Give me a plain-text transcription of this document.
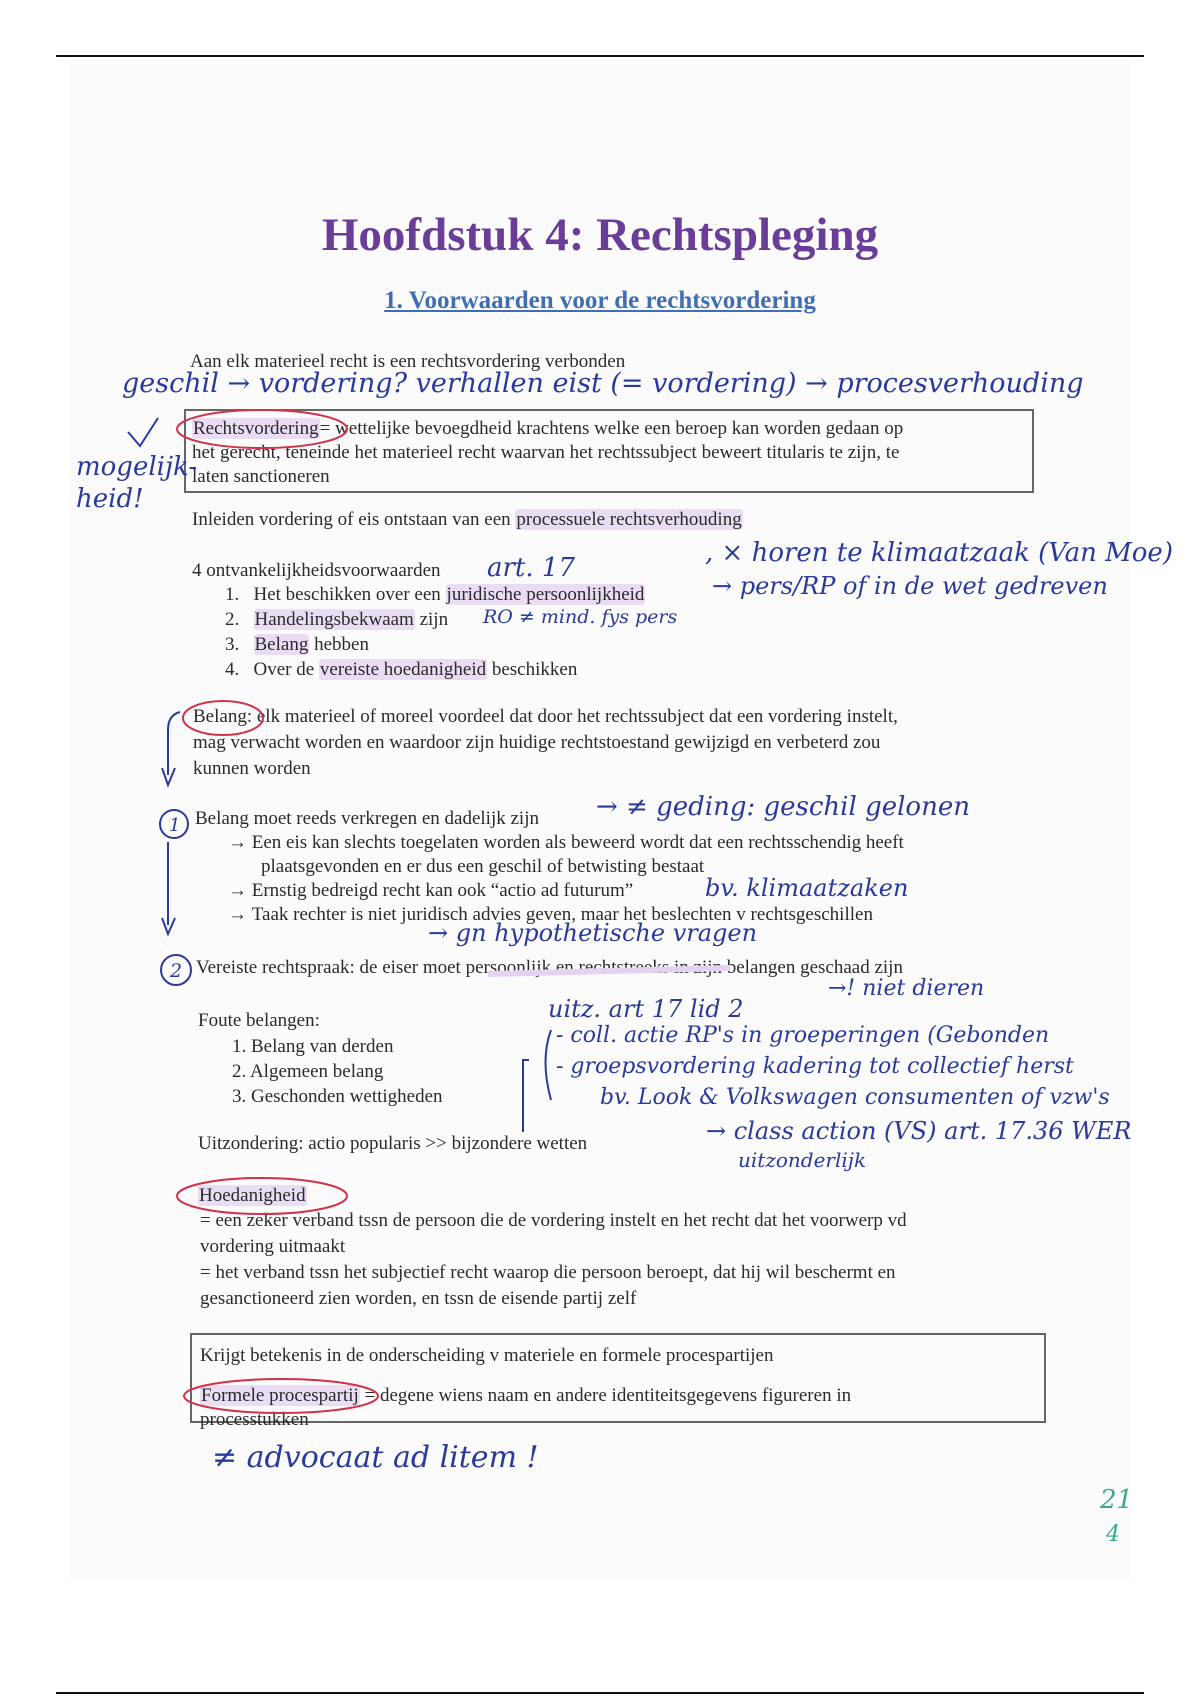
Hoofdstuk 4: Rechtspleging
1. Voorwaarden voor de rechtsvordering
Aan elk materieel recht is een rechtsvordering verbonden
geschil → vordering? verhallen eist (= vordering) → procesverhouding
Rechtsvordering= wettelijke bevoegdheid krachtens welke een beroep kan worden gedaan op
het gerecht, teneinde het materieel recht waarvan het rechtssubject beweert titularis te zijn, te
laten sanctioneren
mogelijk-
heid!
Inleiden vordering of eis ontstaan van een processuele rechtsverhouding
4 ontvankelijkheidsvoorwaarden art. 17	, × horen te klimaatzaak (Van Moe)
→ pers/RP of in de wet gedreven
1. Het beschikken over een juridische persoonlijkheid
2. Handelingsbekwaam zijn RO ≠ mind. fys pers
3. Belang hebben
4. Over de vereiste hoedanigheid beschikken
Belang: elk materieel of moreel voordeel dat door het rechtssubject dat een vordering instelt,
mag verwacht worden en waardoor zijn huidige rechtstoestand gewijzigd en verbeterd zou
kunnen worden
Belang moet reeds verkregen en dadelijk zijn → ≠ geding: geschil gelonen
→ Een eis kan slechts toegelaten worden als beweerd wordt dat een rechtsschendig heeft
plaatsgevonden en er dus een geschil of betwisting bestaat
→ Ernstig bedreigd recht kan ook “actio ad futurum”	bv. klimaatzaken
→ Taak rechter is niet juridisch advies geven, maar het beslechten v rechtsgeschillen
→ gn hypothetische vragen
Vereiste rechtspraak: de eiser moet persoonlijk en rechtstreeks in zijn belangen geschaad zijn
uitz. art 17 lid 2
→! niet dieren
Foute belangen:
1. Belang van derden
2. Algemeen belang
3. Geschonden wettigheden
- coll. actie RP's in groeperingen (Gebonden
- groepsvordering kadering tot collectief herst
bv. Look & Volkswagen consumenten of vzw's
Uitzondering: actio popularis >> bijzondere wetten	→ class action (VS) art. 17.36 WER
uitzonderlijk
Hoedanigheid
= een zeker verband tssn de persoon die de vordering instelt en het recht dat het voorwerp vd
vordering uitmaakt
= het verband tssn het subjectief recht waarop die persoon beroept, dat hij wil beschermt en
gesanctioneerd zien worden, en tssn de eisende partij zelf
Krijgt betekenis in de onderscheiding v materiele en formele procespartijen
Formele procespartij = degene wiens naam en andere identiteitsgegevens figureren in
processtukken
≠ advocaat ad litem !
21
4
1
2
